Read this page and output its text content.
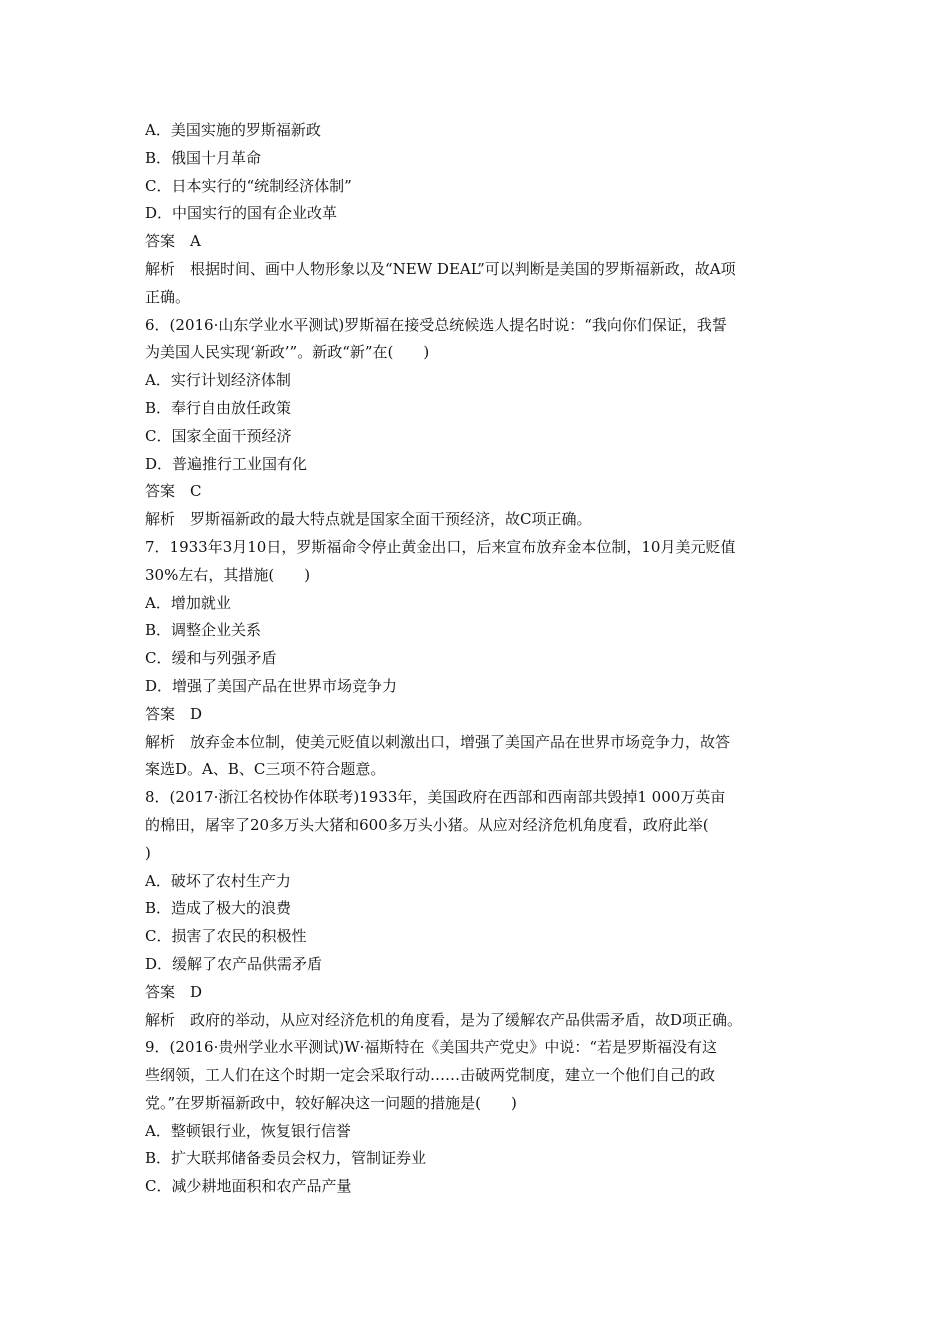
A．美国实施的罗斯福新政
B．俄国十月革命
C．日本实行的“统制经济体制”
D．中国实行的国有企业改革
答案　A
解析　根据时间、画中人物形象以及“NEW DEAL”可以判断是美国的罗斯福新政，故A项
正确。
6．(2016·山东学业水平测试)罗斯福在接受总统候选人提名时说：“我向你们保证，我誓
为美国人民实现‘新政’”。新政“新”在(　　)
A．实行计划经济体制
B．奉行自由放任政策
C．国家全面干预经济
D．普遍推行工业国有化
答案　C
解析　罗斯福新政的最大特点就是国家全面干预经济，故C项正确。
7．1933年3月10日，罗斯福命令停止黄金出口，后来宣布放弃金本位制，10月美元贬值
30%左右，其措施(　　)
A．增加就业
B．调整企业关系
C．缓和与列强矛盾
D．增强了美国产品在世界市场竞争力
答案　D
解析　放弃金本位制，使美元贬值以刺激出口，增强了美国产品在世界市场竞争力，故答
案选D。A、B、C三项不符合题意。
8．(2017·浙江名校协作体联考)1933年，美国政府在西部和西南部共毁掉1 000万英亩
的棉田，屠宰了20多万头大猪和600多万头小猪。从应对经济危机角度看，政府此举(
)
A．破坏了农村生产力
B．造成了极大的浪费
C．损害了农民的积极性
D．缓解了农产品供需矛盾
答案　D
解析　政府的举动，从应对经济危机的角度看，是为了缓解农产品供需矛盾，故D项正确。
9．(2016·贵州学业水平测试)W·福斯特在《美国共产党史》中说：“若是罗斯福没有这
些纲领，工人们在这个时期一定会采取行动……击破两党制度，建立一个他们自己的政
党。”在罗斯福新政中，较好解决这一问题的措施是(　　)
A．整顿银行业，恢复银行信誉
B．扩大联邦储备委员会权力，管制证券业
C．减少耕地面积和农产品产量
